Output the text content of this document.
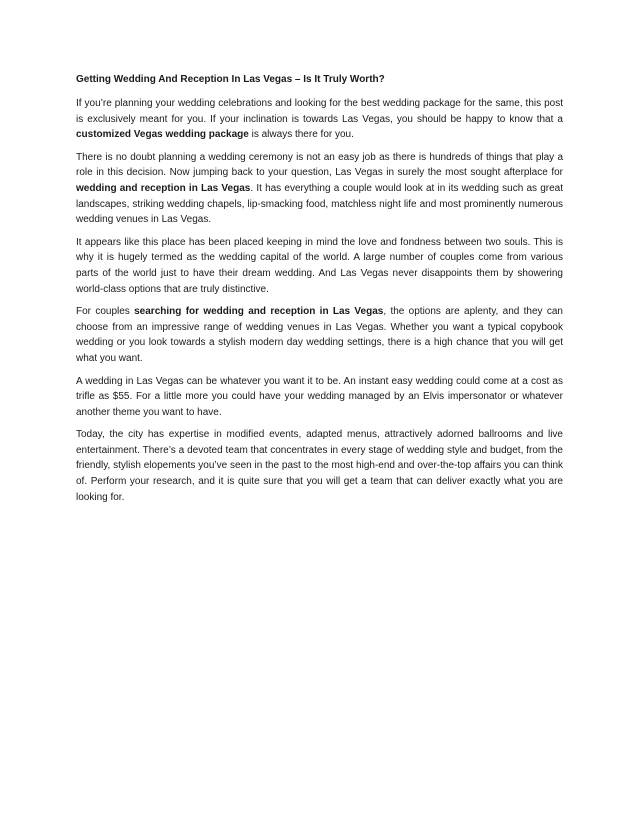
Getting Wedding And Reception In Las Vegas – Is It Truly Worth?

If you’re planning your wedding celebrations and looking for the best wedding package for the same, this post is exclusively meant for you. If your inclination is towards Las Vegas, you should be happy to know that a customized Vegas wedding package is always there for you.

There is no doubt planning a wedding ceremony is not an easy job as there is hundreds of things that play a role in this decision. Now jumping back to your question, Las Vegas in surely the most sought afterplace for wedding and reception in Las Vegas. It has everything a couple would look at in its wedding such as great landscapes, striking wedding chapels, lip-smacking food, matchless night life and most prominently numerous wedding venues in Las Vegas.

It appears like this place has been placed keeping in mind the love and fondness between two souls. This is why it is hugely termed as the wedding capital of the world. A large number of couples come from various parts of the world just to have their dream wedding. And Las Vegas never disappoints them by showering world-class options that are truly distinctive.

For couples searching for wedding and reception in Las Vegas, the options are aplenty, and they can choose from an impressive range of wedding venues in Las Vegas. Whether you want a typical copybook wedding or you look towards a stylish modern day wedding settings, there is a high chance that you will get what you want.

A wedding in Las Vegas can be whatever you want it to be. An instant easy wedding could come at a cost as trifle as $55. For a little more you could have your wedding managed by an Elvis impersonator or whatever another theme you want to have.

Today, the city has expertise in modified events, adapted menus, attractively adorned ballrooms and live entertainment. There’s a devoted team that concentrates in every stage of wedding style and budget, from the friendly, stylish elopements you’ve seen in the past to the most high-end and over-the-top affairs you can think of. Perform your research, and it is quite sure that you will get a team that can deliver exactly what you are looking for.
